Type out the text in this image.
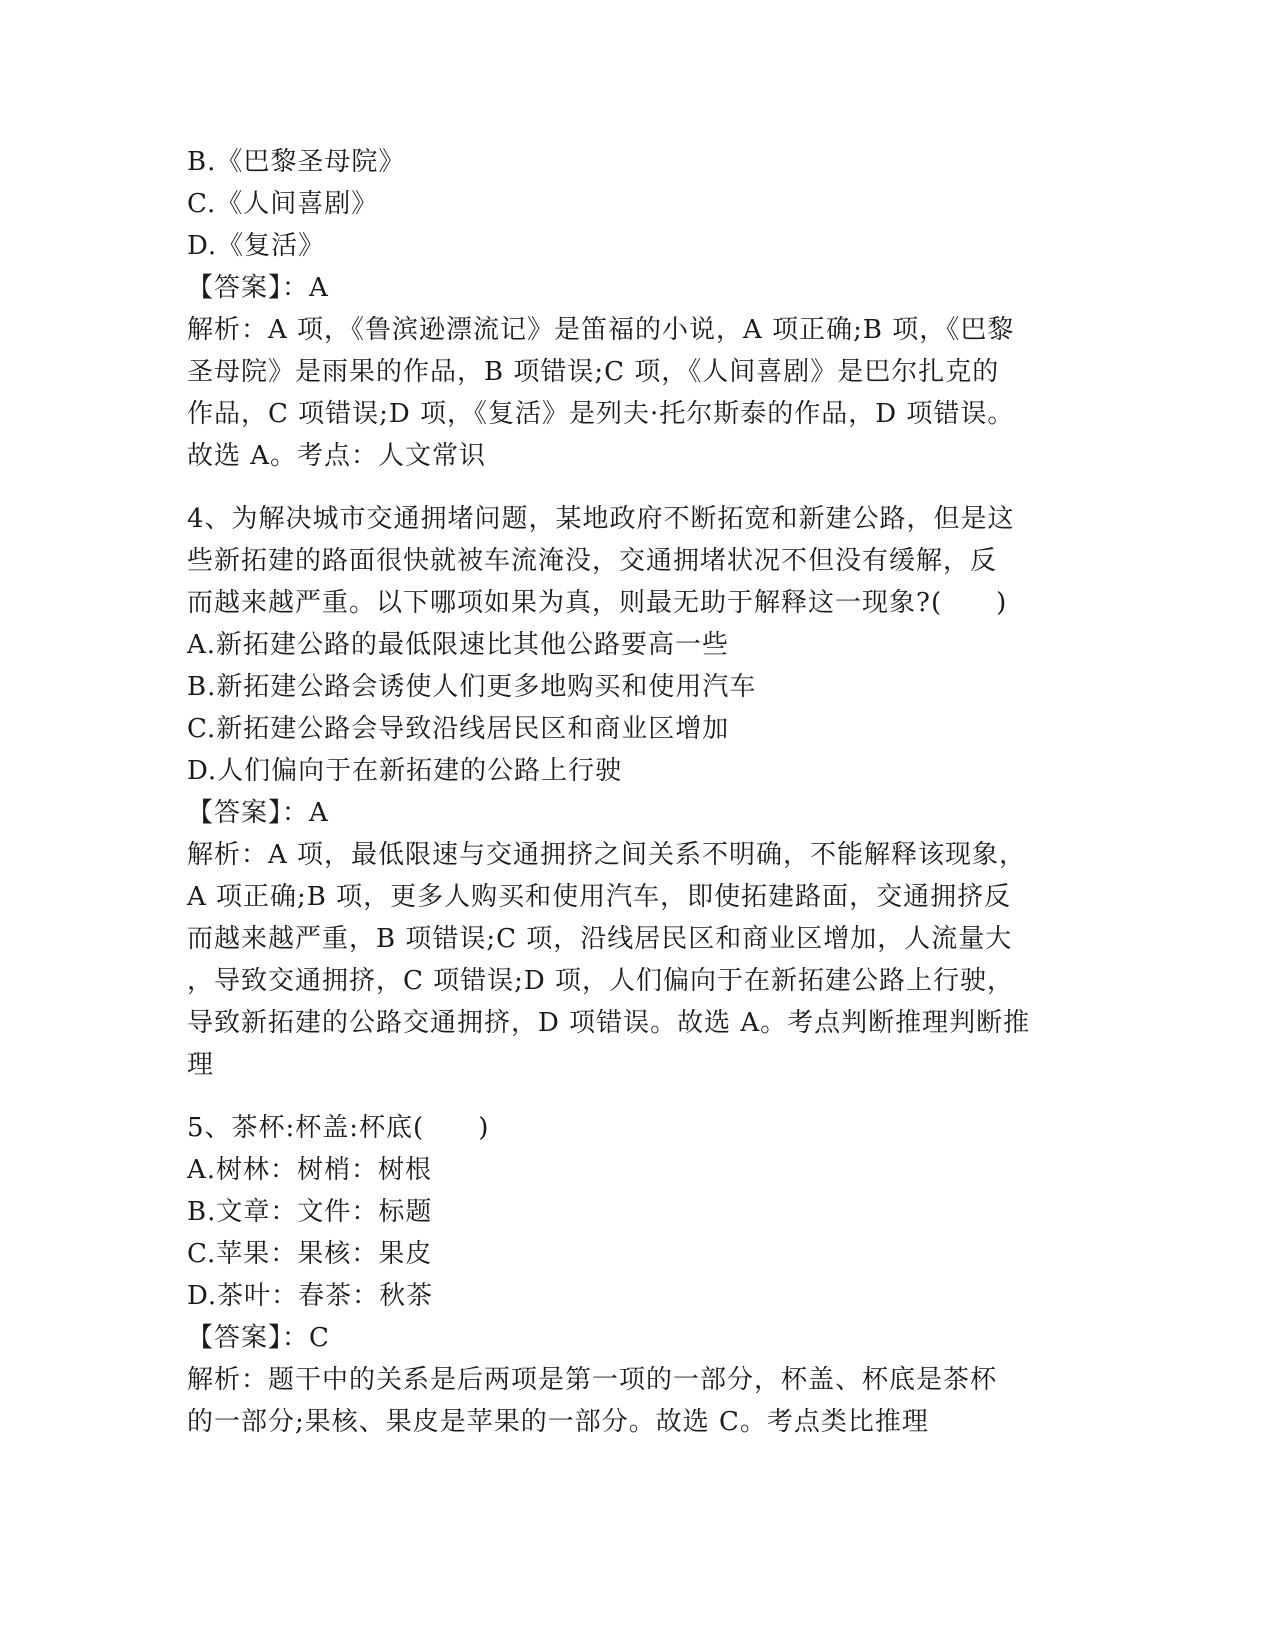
B.《巴黎圣母院》
C.《人间喜剧》
D.《复活》
【答案】：A
解析：A 项，《鲁滨逊漂流记》是笛福的小说，A 项正确;B 项，《巴黎
圣母院》是雨果的作品，B 项错误;C 项，《人间喜剧》是巴尔扎克的
作品，C 项错误;D 项，《复活》是列夫·托尔斯泰的作品，D 项错误。
故选 A。考点：人文常识
4、为解决城市交通拥堵问题，某地政府不断拓宽和新建公路，但是这
些新拓建的路面很快就被车流淹没，交通拥堵状况不但没有缓解，反
而越来越严重。以下哪项如果为真，则最无助于解释这一现象?(　　)
A.新拓建公路的最低限速比其他公路要高一些
B.新拓建公路会诱使人们更多地购买和使用汽车
C.新拓建公路会导致沿线居民区和商业区增加
D.人们偏向于在新拓建的公路上行驶
【答案】：A
解析：A 项，最低限速与交通拥挤之间关系不明确，不能解释该现象，
A 项正确;B 项，更多人购买和使用汽车，即使拓建路面，交通拥挤反
而越来越严重，B 项错误;C 项，沿线居民区和商业区增加，人流量大
，导致交通拥挤，C 项错误;D 项，人们偏向于在新拓建公路上行驶，
导致新拓建的公路交通拥挤，D 项错误。故选 A。考点判断推理判断推
理
5、茶杯:杯盖:杯底(　　)
A.树林：树梢：树根
B.文章：文件：标题
C.苹果：果核：果皮
D.茶叶：春茶：秋茶
【答案】：C
解析：题干中的关系是后两项是第一项的一部分，杯盖、杯底是茶杯
的一部分;果核、果皮是苹果的一部分。故选 C。考点类比推理
